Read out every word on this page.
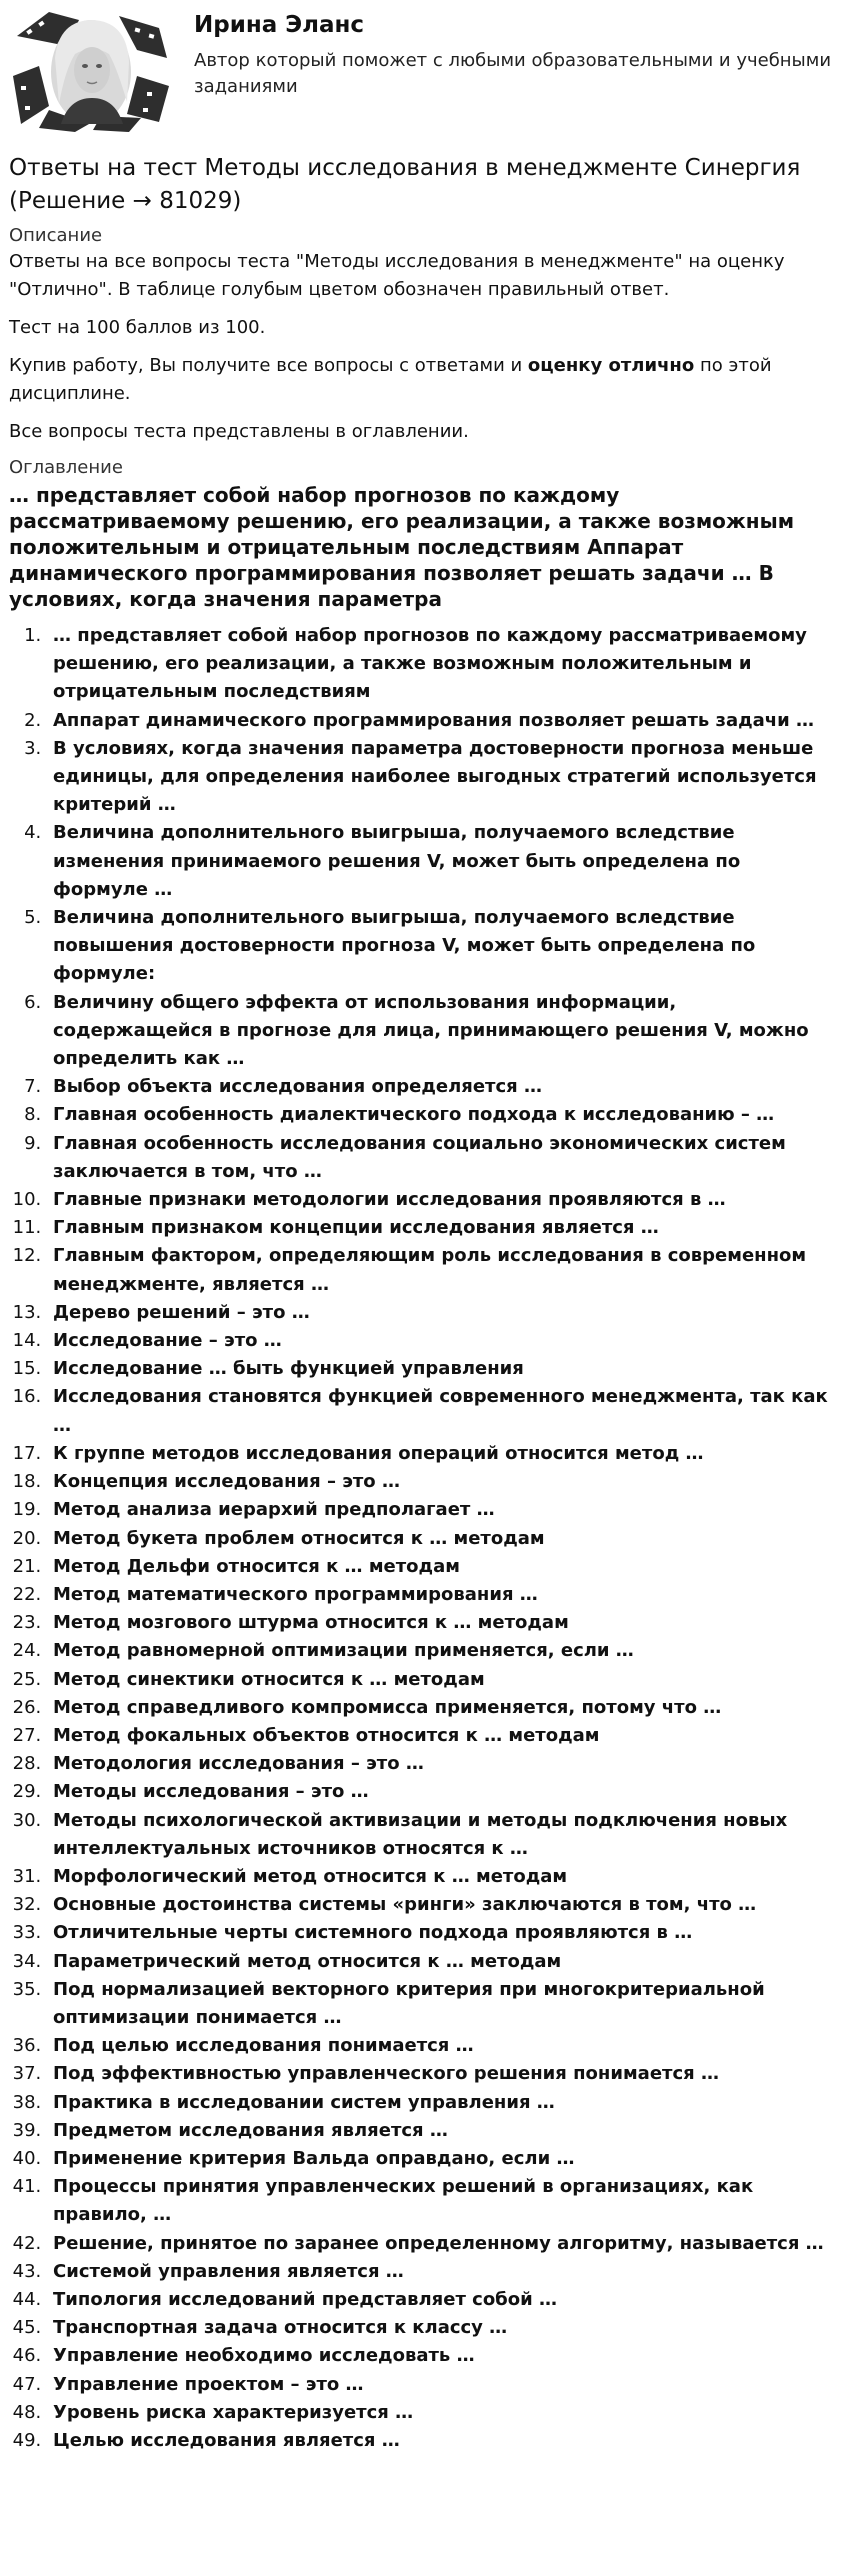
Ирина Эланс

Автор который поможет с любыми образовательными и учебными заданиями

Ответы на тест Методы исследования в менеджменте Синергия (Решение → 81029)

Описание

Ответы на все вопросы теста "Методы исследования в менеджменте" на оценку "Отлично". В таблице голубым цветом обозначен правильный ответ.

Тест на 100 баллов из 100.

Купив работу, Вы получите все вопросы с ответами и оценку отлично по этой дисциплине.

Все вопросы теста представлены в оглавлении.

Оглавление

… представляет собой набор прогнозов по каждому рассматриваемому решению, его реализации, а также возможным положительным и отрицательным последствиям Аппарат динамического программирования позволяет решать задачи … В условиях, когда значения параметра
1. … представляет собой набор прогнозов по каждому рассматриваемому решению, его реализации, а также возможным положительным и отрицательным последствиям
2. Аппарат динамического программирования позволяет решать задачи …
3. В условиях, когда значения параметра достоверности прогноза меньше единицы, для определения наиболее выгодных стратегий используется критерий …
4. Величина дополнительного выигрыша, получаемого вследствие изменения принимаемого решения V, может быть определена по формуле …
5. Величина дополнительного выигрыша, получаемого вследствие повышения достоверности прогноза V, может быть определена по формуле:
6. Величину общего эффекта от использования информации, содержащейся в прогнозе для лица, принимающего решения V, можно определить как …
7. Выбор объекта исследования определяется …
8. Главная особенность диалектического подхода к исследованию – …
9. Главная особенность исследования социально экономических систем заключается в том, что …
10. Главные признаки методологии исследования проявляются в …
11. Главным признаком концепции исследования является …
12. Главным фактором, определяющим роль исследования в современном менеджменте, является …
13. Дерево решений – это …
14. Исследование – это …
15. Исследование … быть функцией управления
16. Исследования становятся функцией современного менеджмента, так как …
17. К группе методов исследования операций относится метод …
18. Концепция исследования – это …
19. Метод анализа иерархий предполагает …
20. Метод букета проблем относится к … методам
21. Метод Дельфи относится к … методам
22. Метод математического программирования …
23. Метод мозгового штурма относится к … методам
24. Метод равномерной оптимизации применяется, если …
25. Метод синектики относится к … методам
26. Метод справедливого компромисса применяется, потому что …
27. Метод фокальных объектов относится к … методам
28. Методология исследования – это …
29. Методы исследования – это …
30. Методы психологической активизации и методы подключения новых интеллектуальных источников относятся к …
31. Морфологический метод относится к … методам
32. Основные достоинства системы «ринги» заключаются в том, что …
33. Отличительные черты системного подхода проявляются в …
34. Параметрический метод относится к … методам
35. Под нормализацией векторного критерия при многокритериальной оптимизации понимается …
36. Под целью исследования понимается …
37. Под эффективностью управленческого решения понимается …
38. Практика в исследовании систем управления …
39. Предметом исследования является …
40. Применение критерия Вальда оправдано, если …
41. Процессы принятия управленческих решений в организациях, как правило, …
42. Решение, принятое по заранее определенному алгоритму, называется …
43. Системой управления является …
44. Типология исследований представляет собой …
45. Транспортная задача относится к классу …
46. Управление необходимо исследовать …
47. Управление проектом – это …
48. Уровень риска характеризуется …
49. Целью исследования является …
